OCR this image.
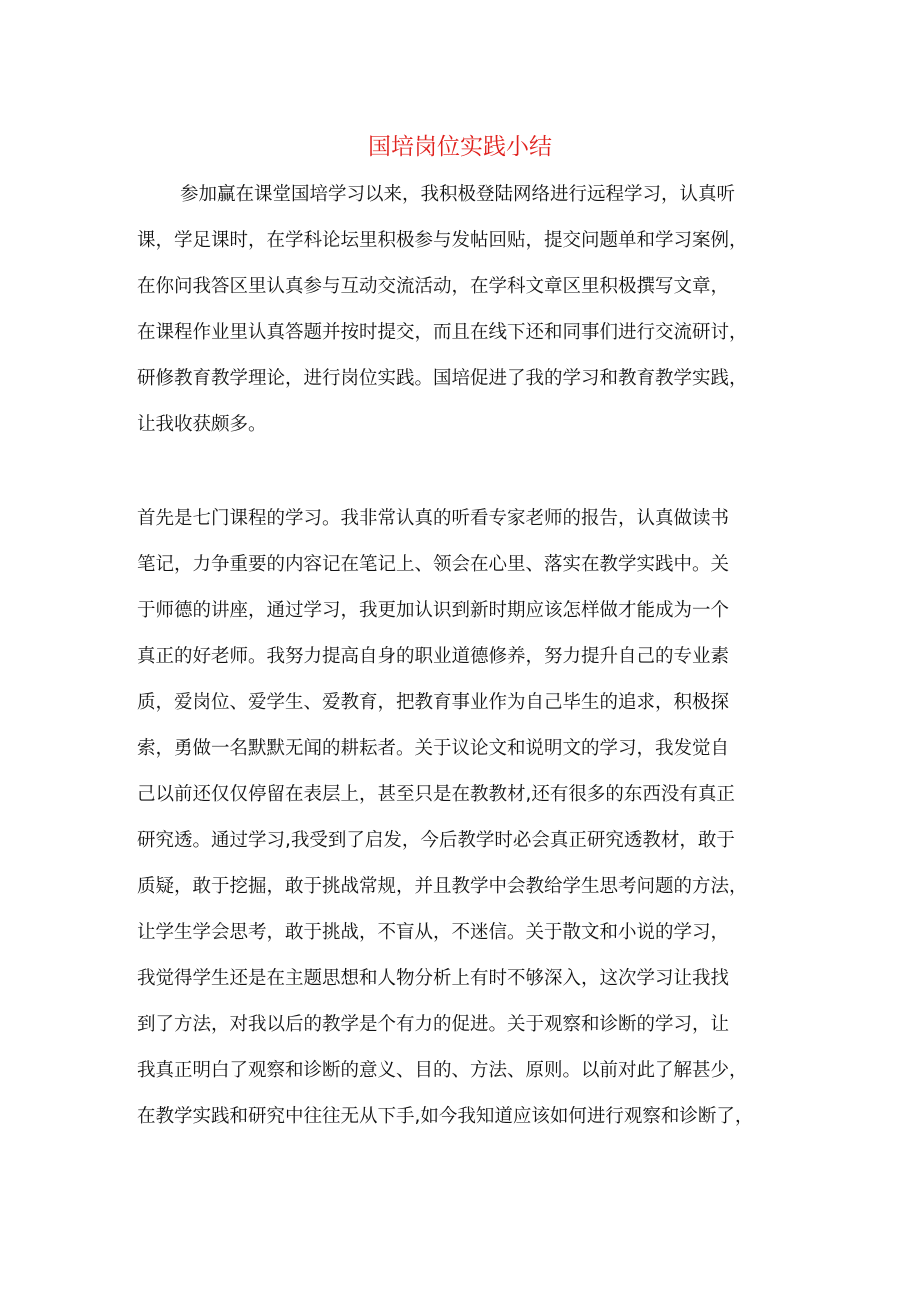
国培岗位实践小结
参加赢在课堂国培学习以来，我积极登陆网络进行远程学习，认真听
课，学足课时，在学科论坛里积极参与发帖回贴，提交问题单和学习案例，
在你问我答区里认真参与互动交流活动，在学科文章区里积极撰写文章，
在课程作业里认真答题并按时提交，而且在线下还和同事们进行交流研讨，
研修教育教学理论，进行岗位实践。国培促进了我的学习和教育教学实践，
让我收获颇多。
首先是七门课程的学习。我非常认真的听看专家老师的报告，认真做读书
笔记，力争重要的内容记在笔记上、领会在心里、落实在教学实践中。关
于师德的讲座，通过学习，我更加认识到新时期应该怎样做才能成为一个
真正的好老师。我努力提高自身的职业道德修养，努力提升自己的专业素
质，爱岗位、爱学生、爱教育，把教育事业作为自己毕生的追求，积极探
索，勇做一名默默无闻的耕耘者。关于议论文和说明文的学习，我发觉自
己以前还仅仅停留在表层上，甚至只是在教教材,还有很多的东西没有真正
研究透。通过学习,我受到了启发，今后教学时必会真正研究透教材，敢于
质疑，敢于挖掘，敢于挑战常规，并且教学中会教给学生思考问题的方法，
让学生学会思考，敢于挑战，不盲从，不迷信。关于散文和小说的学习，
我觉得学生还是在主题思想和人物分析上有时不够深入，这次学习让我找
到了方法，对我以后的教学是个有力的促进。关于观察和诊断的学习，让
我真正明白了观察和诊断的意义、目的、方法、原则。以前对此了解甚少，
在教学实践和研究中往往无从下手,如今我知道应该如何进行观察和诊断了，
